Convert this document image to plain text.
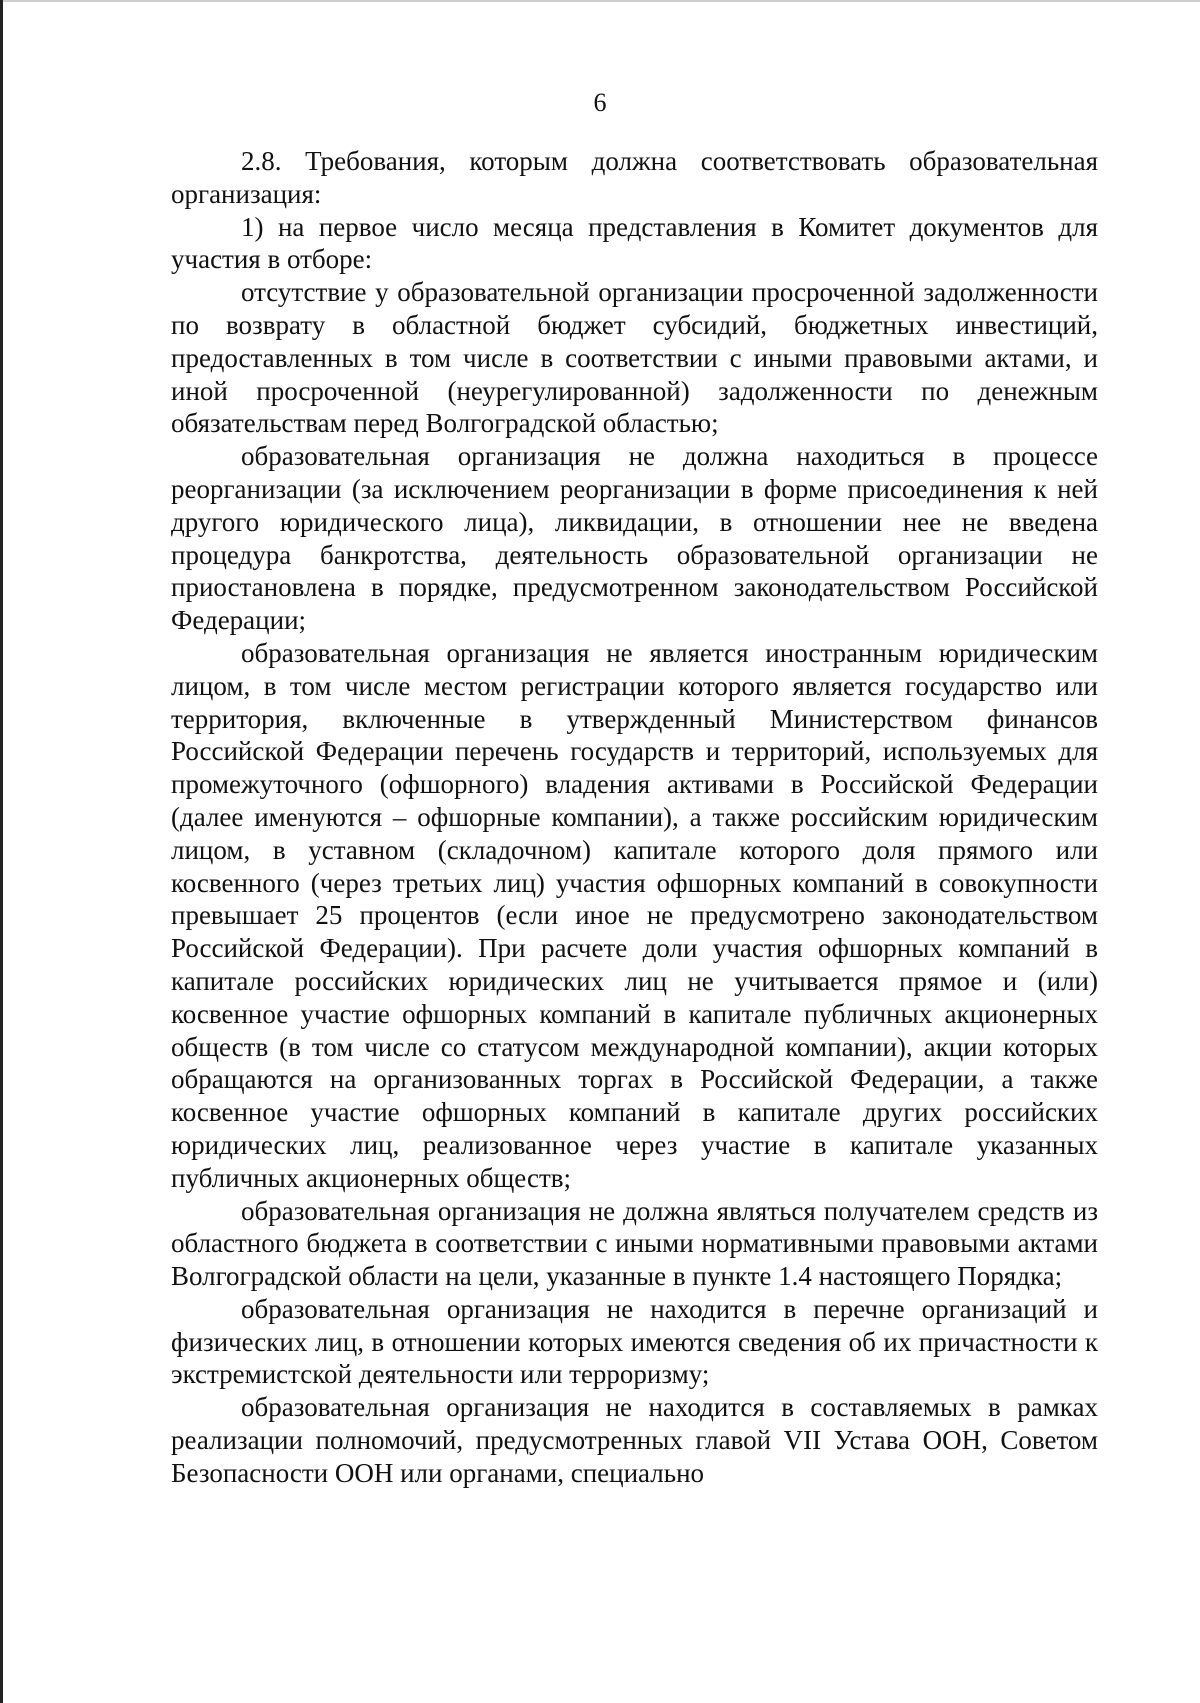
6

2.8. Требования, которым должна соответствовать образовательная организация:

1) на первое число месяца представления в Комитет документов для участия в отборе:

отсутствие у образовательной организации просроченной задолженности по возврату в областной бюджет субсидий, бюджетных инвестиций, предоставленных в том числе в соответствии с иными правовыми актами, и иной просроченной (неурегулированной) задолженности по денежным обязательствам перед Волгоградской областью;

образовательная организация не должна находиться в процессе реорганизации (за исключением реорганизации в форме присоединения к ней другого юридического лица), ликвидации, в отношении нее не введена процедура банкротства, деятельность образовательной организации не приостановлена в порядке, предусмотренном законодательством Российской Федерации;

образовательная организация не является иностранным юридическим лицом, в том числе местом регистрации которого является государство или территория, включенные в утвержденный Министерством финансов Российской Федерации перечень государств и территорий, используемых для промежуточного (офшорного) владения активами в Российской Федерации (далее именуются – офшорные компании), а также российским юридическим лицом, в уставном (складочном) капитале которого доля прямого или косвенного (через третьих лиц) участия офшорных компаний в совокупности превышает 25 процентов (если иное не предусмотрено законодательством Российской Федерации). При расчете доли участия офшорных компаний в капитале российских юридических лиц не учитывается прямое и (или) косвенное участие офшорных компаний в капитале публичных акционерных обществ (в том числе со статусом международной компании), акции которых обращаются на организованных торгах в Российской Федерации, а также косвенное участие офшорных компаний в капитале других российских юридических лиц, реализованное через участие в капитале указанных публичных акционерных обществ;

образовательная организация не должна являться получателем средств из областного бюджета в соответствии с иными нормативными правовыми актами Волгоградской области на цели, указанные в пункте 1.4 настоящего Порядка;

образовательная организация не находится в перечне организаций и физических лиц, в отношении которых имеются сведения об их причастности к экстремистской деятельности или терроризму;

образовательная организация не находится в составляемых в рамках реализации полномочий, предусмотренных главой VII Устава ООН, Советом Безопасности ООН или органами, специально
